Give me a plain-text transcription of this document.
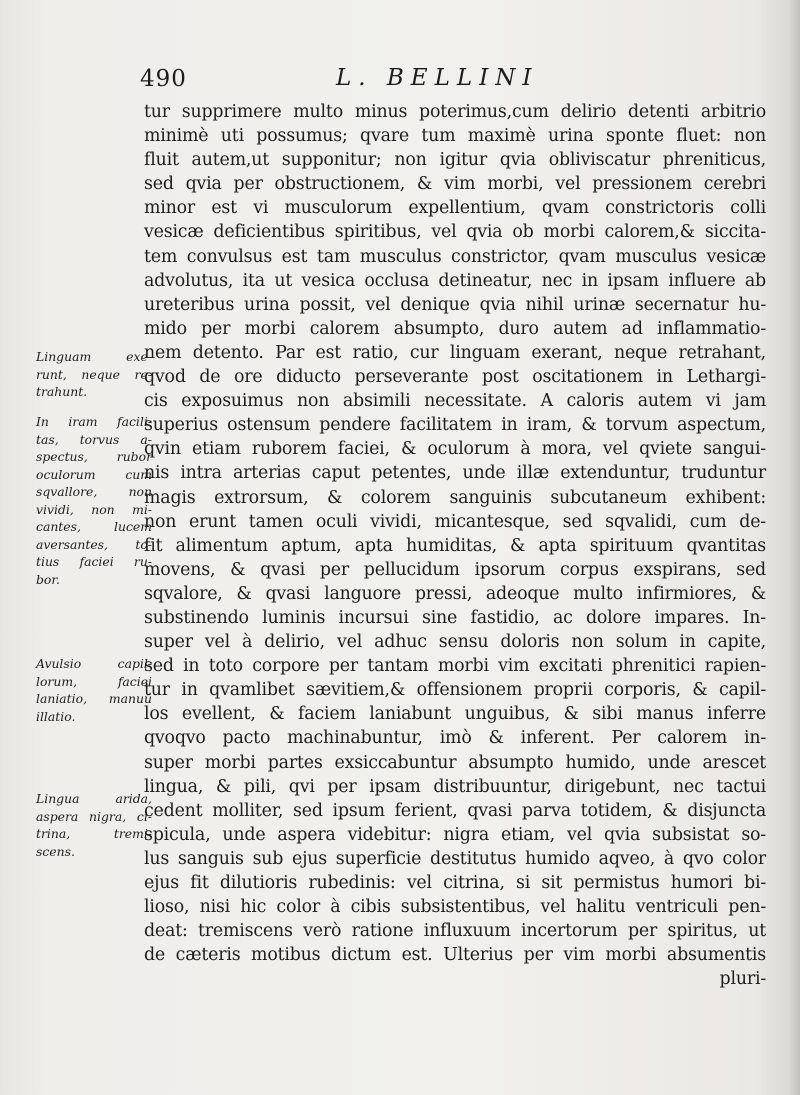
490	L. BELLINI
tur supprimere multo minus poterimus,cum delirio detenti arbitrio
minimè uti possumus; qvare tum maximè urina sponte fluet: non
fluit autem,ut supponitur; non igitur qvia obliviscatur phreniticus,
sed qvia per obstructionem, & vim morbi, vel pressionem cerebri
minor est vi musculorum expellentium, qvam constrictoris colli
vesicæ deficientibus spiritibus, vel qvia ob morbi calorem,& siccita-
tem convulsus est tam musculus constrictor, qvam musculus vesicæ
advolutus, ita ut vesica occlusa detineatur, nec in ipsam influere ab
ureteribus urina possit, vel denique qvia nihil urinæ secernatur hu-
mido per morbi calorem absumpto, duro autem ad inflammatio-
nem detento. Par est ratio, cur linguam exerant, neque retrahant,
qvod de ore diducto perseverante post oscitationem in Lethargi-
cis exposuimus non absimili necessitate. A caloris autem vi jam
superius ostensum pendere facilitatem in iram, & torvum aspectum,
qvin etiam ruborem faciei, & oculorum à mora, vel qviete sangui-
nis intra arterias caput petentes, unde illæ extenduntur, truduntur
magis extrorsum, & colorem sanguinis subcutaneum exhibent:
non erunt tamen oculi vividi, micantesque, sed sqvalidi, cum de-
fit alimentum aptum, apta humiditas, & apta spirituum qvantitas
movens, & qvasi per pellucidum ipsorum corpus exspirans, sed
sqvalore, & qvasi languore pressi, adeoque multo infirmiores, &
substinendo luminis incursui sine fastidio, ac dolore impares. In-
super vel à delirio, vel adhuc sensu doloris non solum in capite,
sed in toto corpore per tantam morbi vim excitati phrenitici rapien-
tur in qvamlibet sævitiem,& offensionem proprii corporis, & capil-
los evellent, & faciem laniabunt unguibus, & sibi manus inferre
qvoqvo pacto machinabuntur, imò & inferent. Per calorem in-
super morbi partes exsiccabuntur absumpto humido, unde arescet
lingua, & pili, qvi per ipsam distribuuntur, dirigebunt, nec tactui
cedent molliter, sed ipsum ferient, qvasi parva totidem, & disjuncta
spicula, unde aspera videbitur: nigra etiam, vel qvia subsistat so-
lus sanguis sub ejus superficie destitutus humido aqveo, à qvo color
ejus fit dilutioris rubedinis: vel citrina, si sit permistus humori bi-
lioso, nisi hic color à cibis subsistentibus, vel halitu ventriculi pen-
deat: tremiscens verò ratione influxuum incertorum per spiritus, ut
de cæteris motibus dictum est. Ulterius per vim morbi absumentis
pluri-
Linguam exe-
runt, neque re-
trahunt.
In iram facili-
tas, torvus a-
spectus, rubor
oculorum cum
sqvallore, non
vividi, non mi-
cantes, lucem
aversantes, to-
tius faciei ru-
bor.
Avulsio capil-
lorum, faciei
laniatio, manuū
illatio.
Lingua arida,
aspera nigra, ci-
trina, tremi-
scens.
